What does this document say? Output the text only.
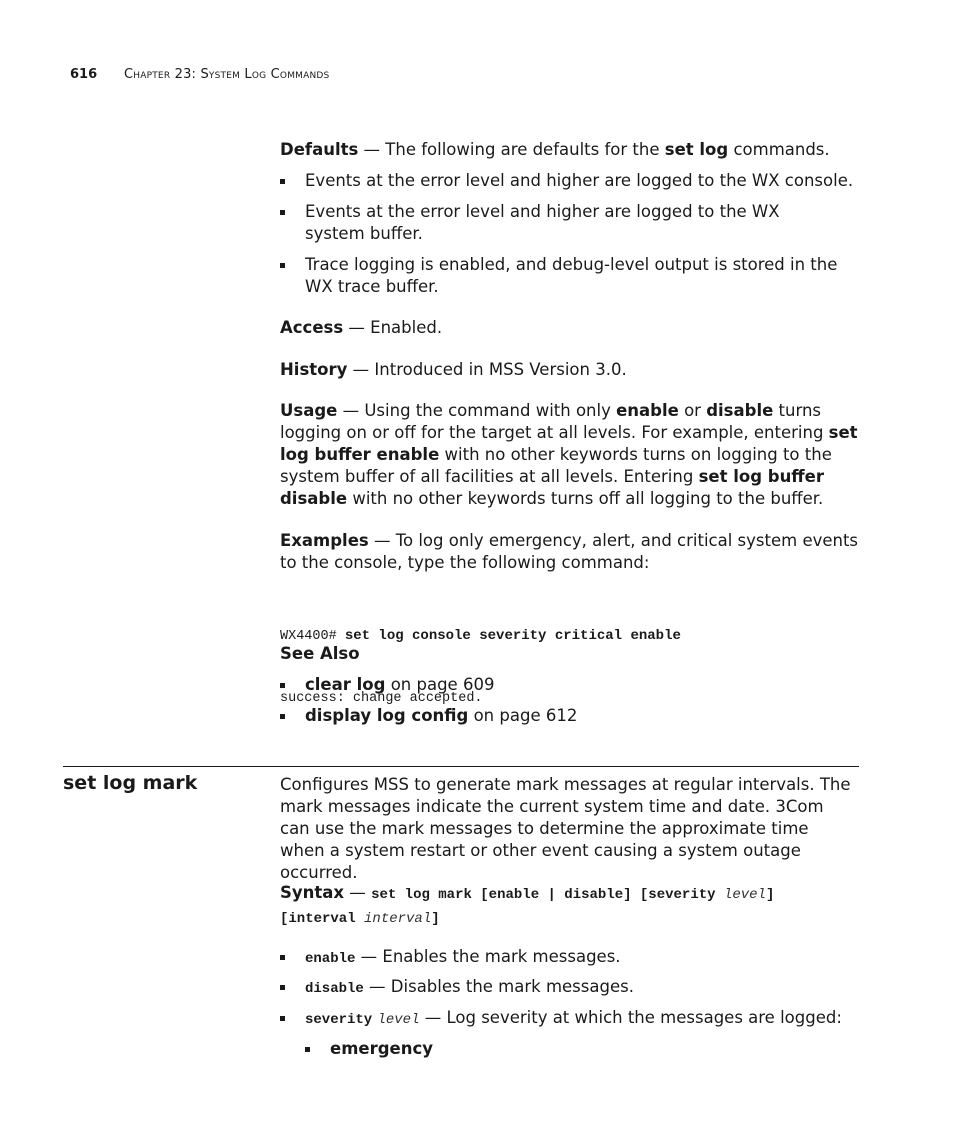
616 Chapter 23: System Log Commands
Defaults — The following are defaults for the set log commands.
Events at the error level and higher are logged to the WX console.
Events at the error level and higher are logged to the WX system buffer.
Trace logging is enabled, and debug-level output is stored in the WX trace buffer.
Access — Enabled.
History — Introduced in MSS Version 3.0.
Usage — Using the command with only enable or disable turns logging on or off for the target at all levels. For example, entering set log buffer enable with no other keywords turns on logging to the system buffer of all facilities at all levels. Entering set log buffer disable with no other keywords turns off all logging to the buffer.
Examples — To log only emergency, alert, and critical system events to the console, type the following command:

WX4400# set log console severity critical enable

success: change accepted.

See Also
clear log on page 609
display log config on page 612
set log mark	Configures MSS to generate mark messages at regular intervals. The mark messages indicate the current system time and date. 3Com can use the mark messages to determine the approximate time when a system restart or other event causing a system outage occurred.
Syntax — set log mark [enable | disable] [severity level]
[interval interval]
enable — Enables the mark messages.
disable — Disables the mark messages.
severity level — Log severity at which the messages are logged:
emergency
